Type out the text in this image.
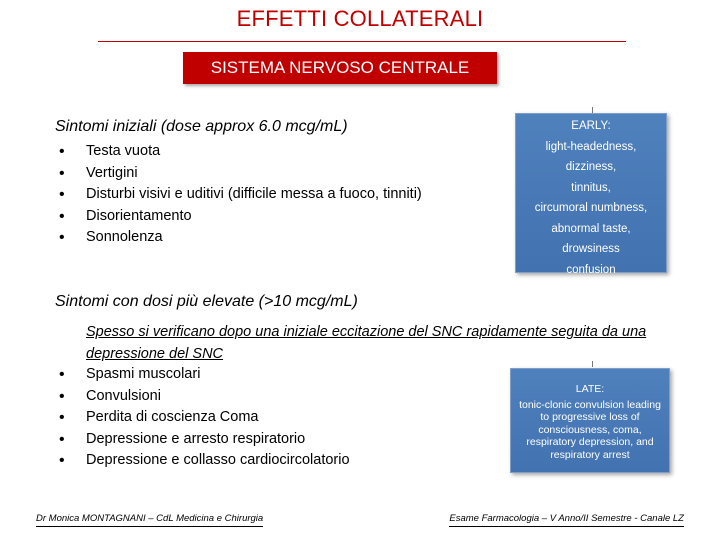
EFFETTI COLLATERALI
SISTEMA NERVOSO CENTRALE
Sintomi iniziali (dose approx 6.0 mcg/mL)
• Testa vuota
• Vertigini
• Disturbi visivi e uditivi (difficile messa a fuoco, tinniti)
• Disorientamento
• Sonnolenza
EARLY:
light-headedness,
dizziness,
tinnitus,
circumoral numbness,
abnormal taste,
drowsiness
confusion
Sintomi con dosi più elevate (>10 mcg/mL)
Spesso si verificano dopo una iniziale eccitazione del SNC rapidamente seguita da una depressione del SNC
• Spasmi muscolari
• Convulsioni
• Perdita di coscienza Coma
• Depressione e arresto respiratorio
• Depressione e collasso cardiocircolatorio
LATE:
tonic-clonic convulsion leading
to progressive loss of
consciousness, coma,
respiratory depression, and
respiratory arrest
Dr Monica MONTAGNANI – CdL Medicina e Chirurgia	Esame Farmacologia – V Anno/II Semestre - Canale LZ
